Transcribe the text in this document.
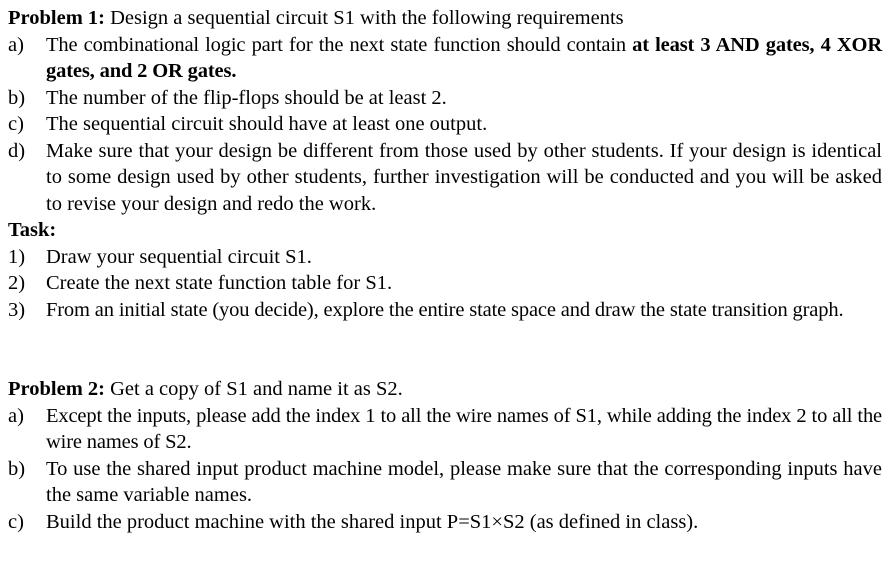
Problem 1: Design a sequential circuit S1 with the following requirements
a)	The combinational logic part for the next state function should contain at least 3 AND gates, 4 XOR gates, and 2 OR gates.
b)	The number of the flip-flops should be at least 2.
c)	The sequential circuit should have at least one output.
d)	Make sure that your design be different from those used by other students. If your design is identical to some design used by other students, further investigation will be conducted and you will be asked to revise your design and redo the work.
Task:
1)	Draw your sequential circuit S1.
2)	Create the next state function table for S1.
3)	From an initial state (you decide), explore the entire state space and draw the state transition graph.
Problem 2: Get a copy of S1 and name it as S2.
a)	Except the inputs, please add the index 1 to all the wire names of S1, while adding the index 2 to all the wire names of S2.
b)	To use the shared input product machine model, please make sure that the corresponding inputs have the same variable names.
c)	Build the product machine with the shared input P=S1×S2 (as defined in class).
